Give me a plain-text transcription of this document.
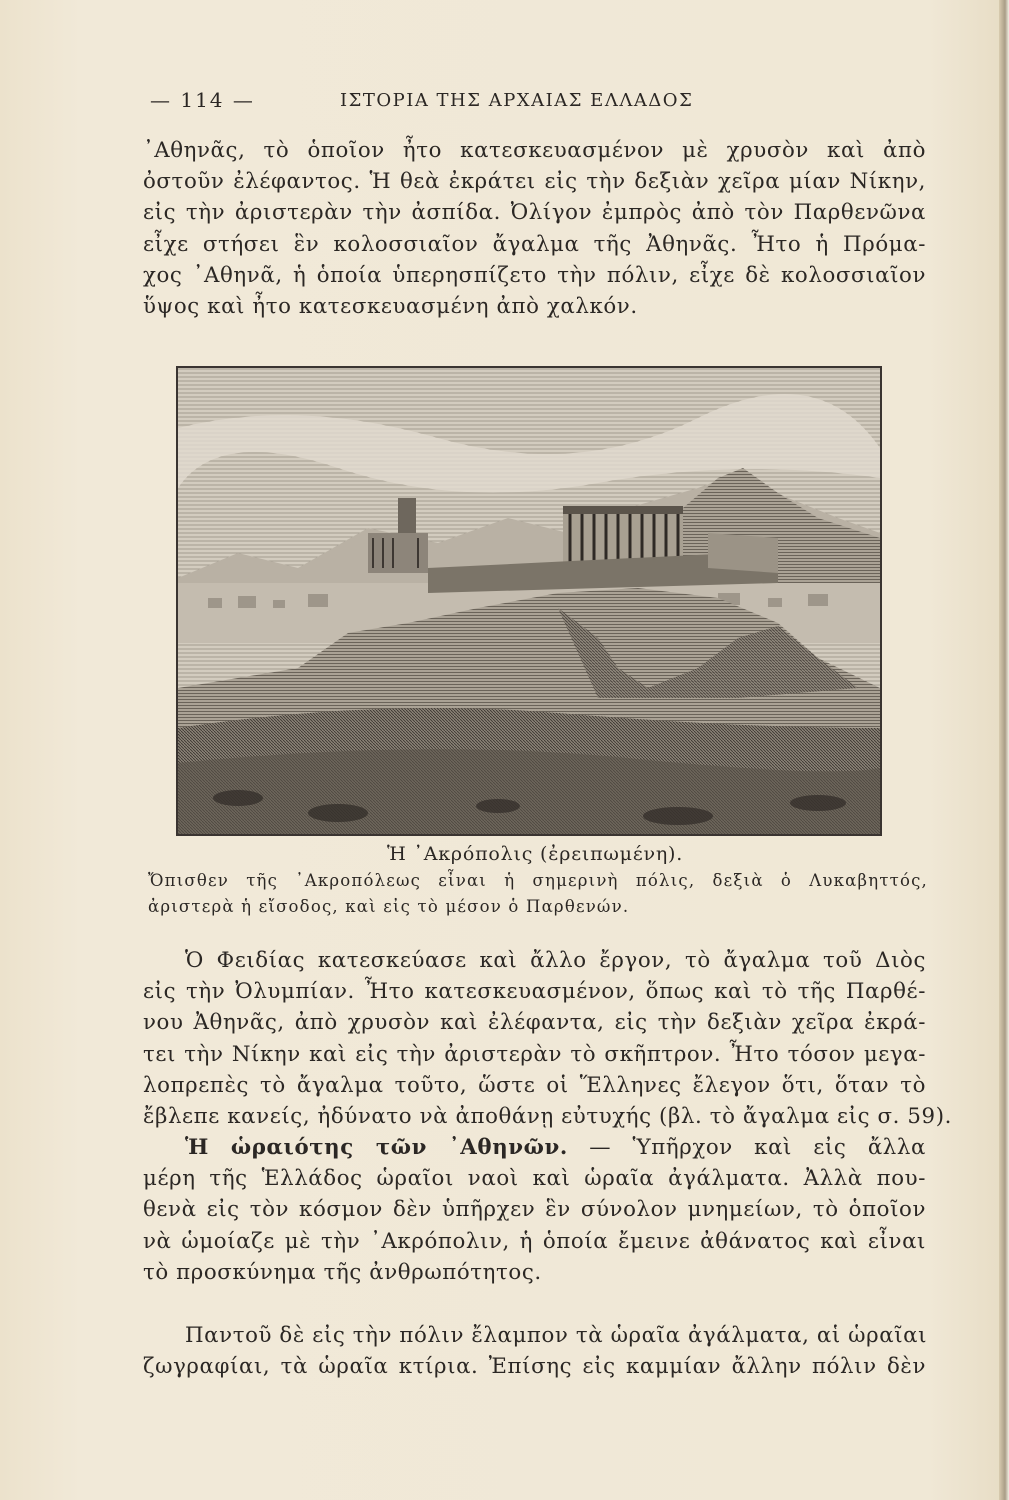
— 114 —	ΙΣΤΟΡΙΑ ΤΗΣ ΑΡΧΑΙΑΣ ΕΛΛΑΔΟΣ
᾿Αθηνᾶς, τὸ ὁποῖον ἦτο κατεσκευασμένον μὲ χρυσὸν καὶ ἀπὸ
ὀστοῦν ἐλέφαντος. Ἡ θεὰ ἐκράτει εἰς τὴν δεξιὰν χεῖρα μίαν Νίκην,
εἰς τὴν ἀριστερὰν τὴν ἀσπίδα. Ὀλίγον ἐμπρὸς ἀπὸ τὸν Παρθενῶνα
εἶχε στήσει ἓν κολοσσιαῖον ἄγαλμα τῆς Ἀθηνᾶς. Ἦτο ἡ Πρόμα-
χος ᾿Αθηνᾶ, ἡ ὁποία ὑπερησπίζετο τὴν πόλιν, εἶχε δὲ κολοσσιαῖον
ὕψος καὶ ἦτο κατεσκευασμένη ἀπὸ χαλκόν.
Ἡ ᾿Ακρόπολις (ἐρειπωμένη).
Ὄπισθεν τῆς ᾿Ακροπόλεως εἶναι ἡ σημερινὴ πόλις, δεξιὰ ὁ Λυκαβηττός,
ἀριστερὰ ἡ εἴσοδος, καὶ εἰς τὸ μέσον ὁ Παρθενών.
Ὁ Φειδίας κατεσκεύασε καὶ ἄλλο ἔργον, τὸ ἄγαλμα τοῦ Διὸς
εἰς τὴν Ὀλυμπίαν. Ἦτο κατεσκευασμένον, ὅπως καὶ τὸ τῆς Παρθέ-
νου Ἀθηνᾶς, ἀπὸ χρυσὸν καὶ ἐλέφαντα, εἰς τὴν δεξιὰν χεῖρα ἐκρά-
τει τὴν Νίκην καὶ εἰς τὴν ἀριστερὰν τὸ σκῆπτρον. Ἦτο τόσον μεγα-
λοπρεπὲς τὸ ἄγαλμα τοῦτο, ὥστε οἱ Ἕλληνες ἔλεγον ὅτι, ὅταν τὸ
ἔβλεπε κανείς, ἠδύνατο νὰ ἀποθάνῃ εὐτυχής (βλ. τὸ ἄγαλμα εἰς σ. 59).
Ἡ ὡραιότης τῶν ᾿Αθηνῶν. — Ὑπῆρχον καὶ εἰς ἄλλα
μέρη τῆς Ἑλλάδος ὡραῖοι ναοὶ καὶ ὡραῖα ἀγάλματα. Ἀλλὰ που-
θενὰ εἰς τὸν κόσμον δὲν ὑπῆρχεν ἓν σύνολον μνημείων, τὸ ὁποῖον
νὰ ὡμοίαζε μὲ τὴν ᾿Ακρόπολιν, ἡ ὁποία ἔμεινε ἀθάνατος καὶ εἶναι
τὸ προσκύνημα τῆς ἀνθρωπότητος.
Παντοῦ δὲ εἰς τὴν πόλιν ἔλαμπον τὰ ὡραῖα ἀγάλματα, αἱ ὡραῖαι
ζωγραφίαι, τὰ ὡραῖα κτίρια. Ἐπίσης εἰς καμμίαν ἄλλην πόλιν δὲν
